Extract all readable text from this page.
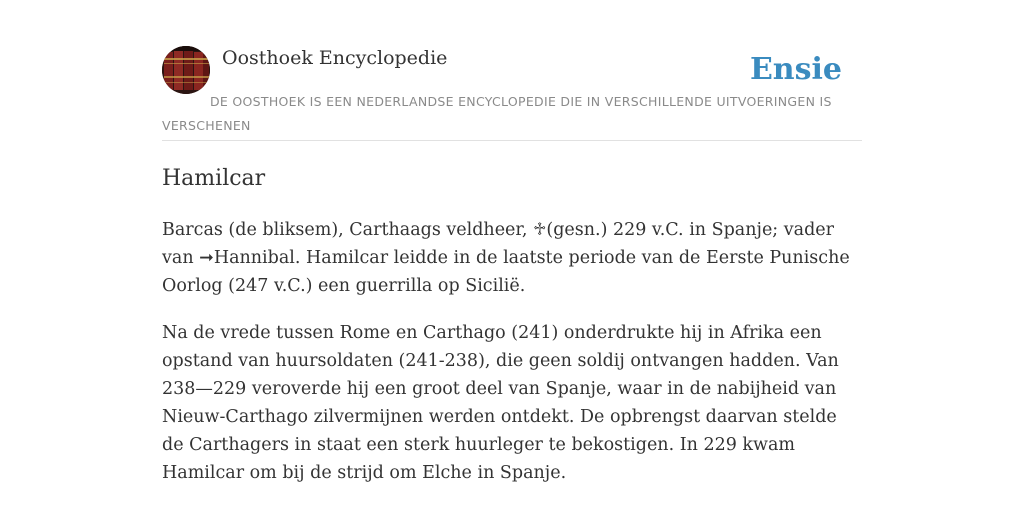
Oosthoek Encyclopedie	Ensie
DE OOSTHOEK IS EEN NEDERLANDSE ENCYCLOPEDIE DIE IN VERSCHILLENDE UITVOERINGEN IS VERSCHENEN
Hamilcar

Barcas (de bliksem), Carthaags veldheer, ♱(gesn.) 229 v.C. in Spanje; vader van ➞Hannibal. Hamilcar leidde in de laatste periode van de Eerste Punische Oorlog (247 v.C.) een guerrilla op Sicilië.

Na de vrede tussen Rome en Carthago (241) onderdrukte hij in Afrika een opstand van huursoldaten (241-238), die geen soldij ontvangen hadden. Van 238—229 veroverde hij een groot deel van Spanje, waar in de nabijheid van Nieuw-Carthago zilvermijnen werden ontdekt. De opbrengst daarvan stelde de Carthagers in staat een sterk huurleger te bekostigen. In 229 kwam Hamilcar om bij de strijd om Elche in Spanje.
